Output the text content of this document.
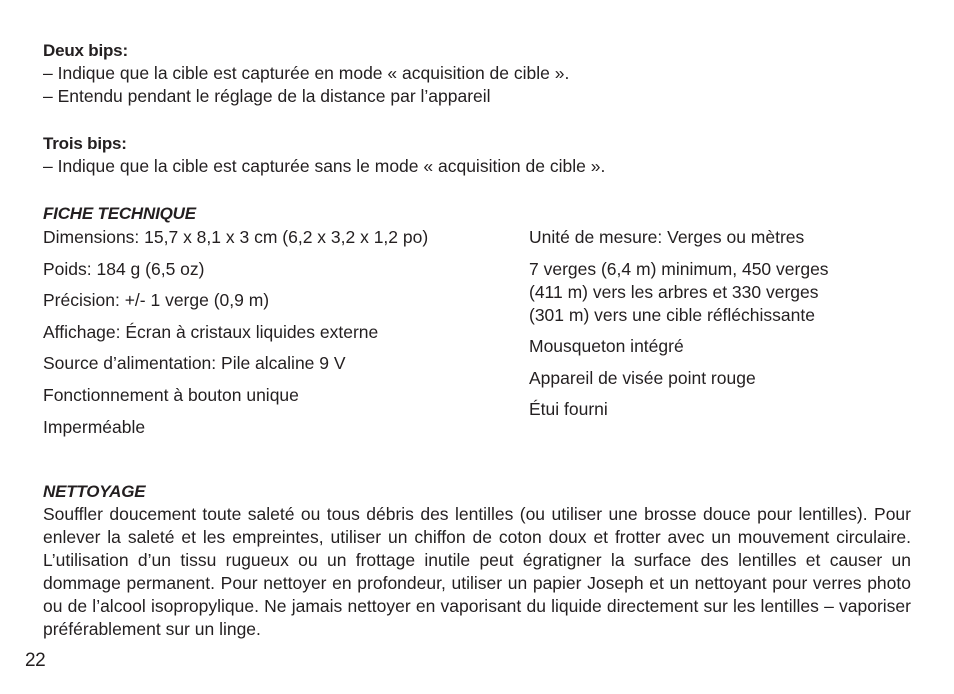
Deux bips:
– Indique que la cible est capturée en mode « acquisition de cible ».
– Entendu pendant le réglage de la distance par l’appareil
Trois bips:
– Indique que la cible est capturée sans le mode « acquisition de cible ».
FICHE TECHNIQUE
Dimensions: 15,7 x 8,1 x 3 cm (6,2 x 3,2 x 1,2 po)
Poids: 184 g (6,5 oz)
Précision: +/- 1 verge (0,9 m)
Affichage: Écran à cristaux liquides externe
Source d’alimentation: Pile alcaline 9 V
Fonctionnement à bouton unique
Imperméable
Unité de mesure: Verges ou mètres
7 verges (6,4 m) minimum, 450 verges
(411 m) vers les arbres et 330 verges
(301 m) vers une cible réfléchissante
Mousqueton intégré
Appareil de visée point rouge
Étui fourni
NETTOYAGE
Souffler doucement toute saleté ou tous débris des lentilles (ou utiliser une brosse douce pour lentilles). Pour enlever la saleté et les empreintes, utiliser un chiffon de coton doux et frotter avec un mouvement circulaire. L’utilisation d’un tissu rugueux ou un frottage inutile peut égratigner la surface des lentilles et causer un dommage permanent. Pour nettoyer en profondeur, utiliser un papier Joseph et un nettoyant pour verres photo ou de l’alcool isopropylique. Ne jamais nettoyer en vaporisant du liquide directement sur les lentilles – vaporiser préférablement sur un linge.
22
